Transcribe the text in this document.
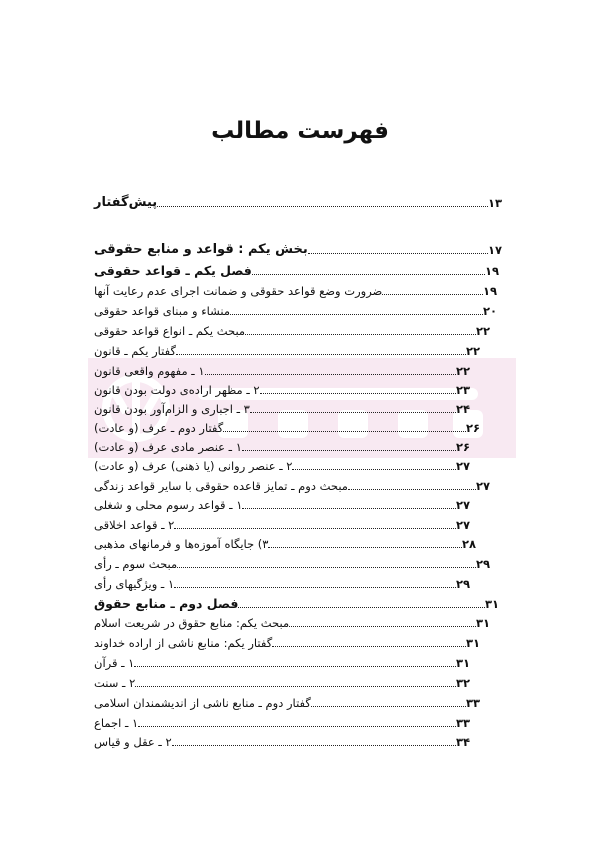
فهرست مطالب
پیش‌گفتار	۱۳
بخش یکم : قواعد و منابع حقوقی	۱۷
فصل یکم ـ قواعد حقوقی	۱۹
ضرورت وضع قواعد حقوقی و ضمانت اجرای عدم رعایت آنها	۱۹
منشاء و مبنای قواعد حقوقی	۲۰
مبحث یکم ـ انواع قواعد حقوقی	۲۲
گفتار یکم ـ قانون	۲۲
۱ ـ مفهوم واقعی قانون	۲۲
۲ ـ مظهر اراده‌ی دولت بودن قانون	۲۳
۳ ـ اجباری و الزام‌آور بودن قانون	۲۴
گفتار دوم ـ عرف (و عادت)	۲۶
۱ ـ عنصر مادی عرف (و عادت)	۲۶
۲ ـ عنصر روانی (یا ذهنی) عرف (و عادت)	۲۷
مبحث دوم ـ تمایز قاعده حقوقی با سایر قواعد زندگی	۲۷
۱ ـ قواعد رسوم محلی و شغلی	۲۷
۲ ـ قواعد اخلاقی	۲۷
۳) جایگاه آموزه‌ها و فرمانهای مذهبی	۲۸
مبحث سوم ـ رأی	۲۹
۱ ـ ویژگیهای رأی	۲۹
فصل دوم ـ منابع حقوق	۳۱
مبحث یکم: منابع حقوق در شریعت اسلام	۳۱
گفتار یکم: منابع ناشی از اراده خداوند	۳۱
۱ ـ قرآن	۳۱
۲ ـ سنت	۳۲
گفتار دوم ـ منابع ناشی از اندیشمندان اسلامی	۳۳
۱ ـ اجماع	۳۳
۲ ـ عقل و قیاس	۳۴
